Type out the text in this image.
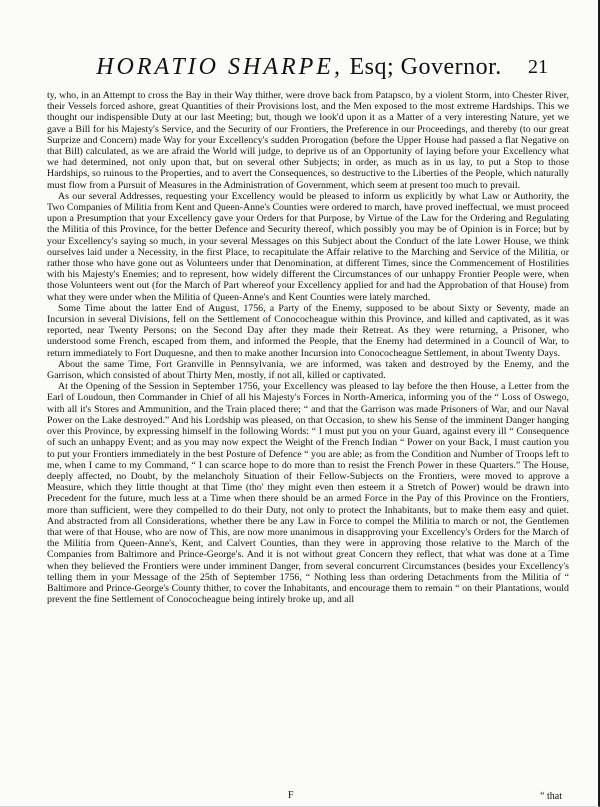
HORATIO SHARPE, Esq; Governor.	21

ty, who, in an Attempt to cross the Bay in their Way thither, were drove back from Patapsco, by a violent Storm, into Chester River, their Vessels forced ashore, great Quantities of their Provisions lost, and the Men exposed to the most extreme Hardships. This we thought our indispensible Duty at our last Meeting; but, though we look'd upon it as a Matter of a very interesting Nature, yet we gave a Bill for his Majesty's Service, and the Security of our Frontiers, the Preference in our Proceedings, and thereby (to our great Surprize and Concern) made Way for your Excellency's sudden Prorogation (before the Upper House had passed a flat Negative on that Bill) calculated, as we are afraid the World will judge, to deprive us of an Opportunity of laying before your Excellency what we had determined, not only upon that, but on several other Subjects; in order, as much as in us lay, to put a Stop to those Hardships, so ruinous to the Properties, and to avert the Consequences, so destructive to the Liberties of the People, which naturally must flow from a Pursuit of Measures in the Administration of Government, which seem at present too much to prevail.

As our several Addresses, requesting your Excellency would be pleased to inform us explicitly by what Law or Authority, the Two Companies of Militia from Kent and Queen-Anne's Counties were ordered to march, have proved ineffectual, we must proceed upon a Presumption that your Excellency gave your Orders for that Purpose, by Virtue of the Law for the Ordering and Regulating the Militia of this Province, for the better Defence and Security thereof, which possibly you may be of Opinion is in Force; but by your Excellency's saying so much, in your several Messages on this Subject about the Conduct of the late Lower House, we think ourselves laid under a Necessity, in the first Place, to recapitulate the Affair relative to the Marching and Service of the Militia, or rather those who have gone out as Volunteers under that Denomination, at different Times, since the Commencement of Hostilities with his Majesty's Enemies; and to represent, how widely different the Circumstances of our unhappy Frontier People were, when those Volunteers went out (for the March of Part whereof your Excellency applied for and had the Approbation of that House) from what they were under when the Militia of Queen-Anne's and Kent Counties were lately marched.

Some Time about the latter End of August, 1756, a Party of the Enemy, supposed to be about Sixty or Seventy, made an Incursion in several Divisions, fell on the Settlement of Conococheague within this Province, and killed and captivated, as it was reported, near Twenty Persons; on the Second Day after they made their Retreat. As they were returning, a Prisoner, who understood some French, escaped from them, and informed the People, that the Enemy had determined in a Council of War, to return immediately to Fort Duquesne, and then to make another Incursion into Conococheague Settlement, in about Twenty Days.

About the same Time, Fort Granville in Pennsylvania, we are informed, was taken and destroyed by the Enemy, and the Garrison, which consisted of about Thirty Men, mostly, if not all, killed or captivated.

At the Opening of the Session in September 1756, your Excellency was pleased to lay before the then House, a Letter from the Earl of Loudoun, then Commander in Chief of all his Majesty's Forces in North-America, informing you of the “ Loss of Oswego, with all it's Stores and Ammunition, and the Train placed there; “ and that the Garrison was made Prisoners of War, and our Naval Power on the Lake destroyed.” And his Lordship was pleased, on that Occasion, to shew his Sense of the imminent Danger hanging over this Province, by expressing himself in the following Words: “ I must put you on your Guard, against every ill “ Consequence of such an unhappy Event; and as you may now expect the Weight of the French Indian “ Power on your Back, I must caution you to put your Frontiers immediately in the best Posture of Defence “ you are able; as from the Condition and Number of Troops left to me, when I came to my Command, “ I can scarce hope to do more than to resist the French Power in these Quarters.” The House, deeply affected, no Doubt, by the melancholy Situation of their Fellow-Subjects on the Frontiers, were moved to approve a Measure, which they little thought at that Time (tho' they might even then esteem it a Stretch of Power) would be drawn into Precedent for the future, much less at a Time when there should be an armed Force in the Pay of this Province on the Frontiers, more than sufficient, were they compelled to do their Duty, not only to protect the Inhabitants, but to make them easy and quiet. And abstracted from all Considerations, whether there be any Law in Force to compel the Militia to march or not, the Gentlemen that were of that House, who are now of This, are now more unanimous in disapproving your Excellency's Orders for the March of the Militia from Queen-Anne's, Kent, and Calvert Counties, than they were in approving those relative to the March of the Companies from Baltimore and Prince-George's. And it is not without great Concern they reflect, that what was done at a Time when they believed the Frontiers were under imminent Danger, from several concurrent Circumstances (besides your Excellency's telling them in your Message of the 25th of September 1756, “ Nothing less than ordering Detachments from the Militia of “ Baltimore and Prince-George's County thither, to cover the Inhabitants, and encourage them to remain “ on their Plantations, would prevent the fine Settlement of Conococheague being intirely broke up, and all

F	“ that
